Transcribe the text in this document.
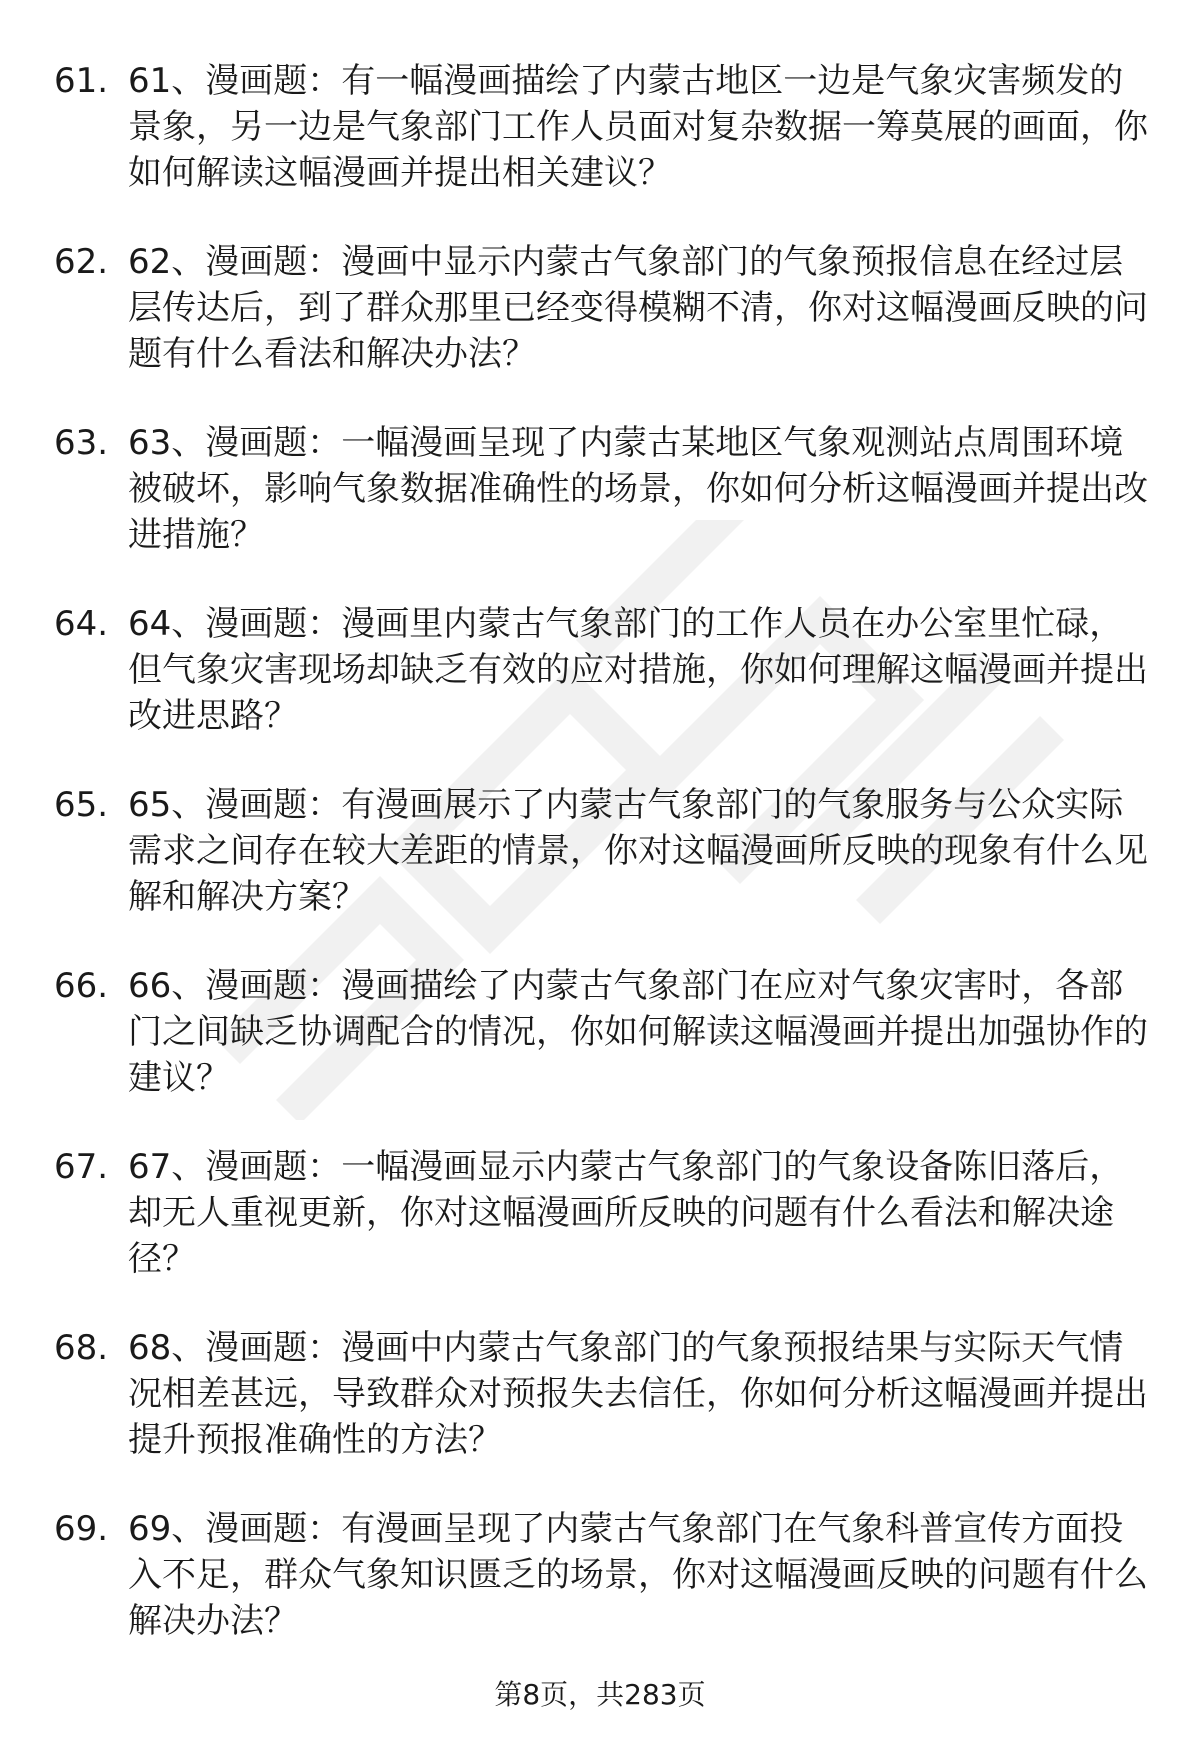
61. 61、漫画题：有一幅漫画描绘了内蒙古地区一边是气象灾害频发的景象，另一边是气象部门工作人员面对复杂数据一筹莫展的画面，你如何解读这幅漫画并提出相关建议？

62. 62、漫画题：漫画中显示内蒙古气象部门的气象预报信息在经过层层传达后，到了群众那里已经变得模糊不清，你对这幅漫画反映的问题有什么看法和解决办法？

63. 63、漫画题：一幅漫画呈现了内蒙古某地区气象观测站点周围环境被破坏，影响气象数据准确性的场景，你如何分析这幅漫画并提出改进措施？

64. 64、漫画题：漫画里内蒙古气象部门的工作人员在办公室里忙碌，但气象灾害现场却缺乏有效的应对措施，你如何理解这幅漫画并提出改进思路？

65. 65、漫画题：有漫画展示了内蒙古气象部门的气象服务与公众实际需求之间存在较大差距的情景，你对这幅漫画所反映的现象有什么见解和解决方案？

66. 66、漫画题：漫画描绘了内蒙古气象部门在应对气象灾害时，各部门之间缺乏协调配合的情况，你如何解读这幅漫画并提出加强协作的建议？

67. 67、漫画题：一幅漫画显示内蒙古气象部门的气象设备陈旧落后，却无人重视更新，你对这幅漫画所反映的问题有什么看法和解决途径？

68. 68、漫画题：漫画中内蒙古气象部门的气象预报结果与实际天气情况相差甚远，导致群众对预报失去信任，你如何分析这幅漫画并提出提升预报准确性的方法？

69. 69、漫画题：有漫画呈现了内蒙古气象部门在气象科普宣传方面投入不足，群众气象知识匮乏的场景，你对这幅漫画反映的问题有什么解决办法？

第8页，共283页
